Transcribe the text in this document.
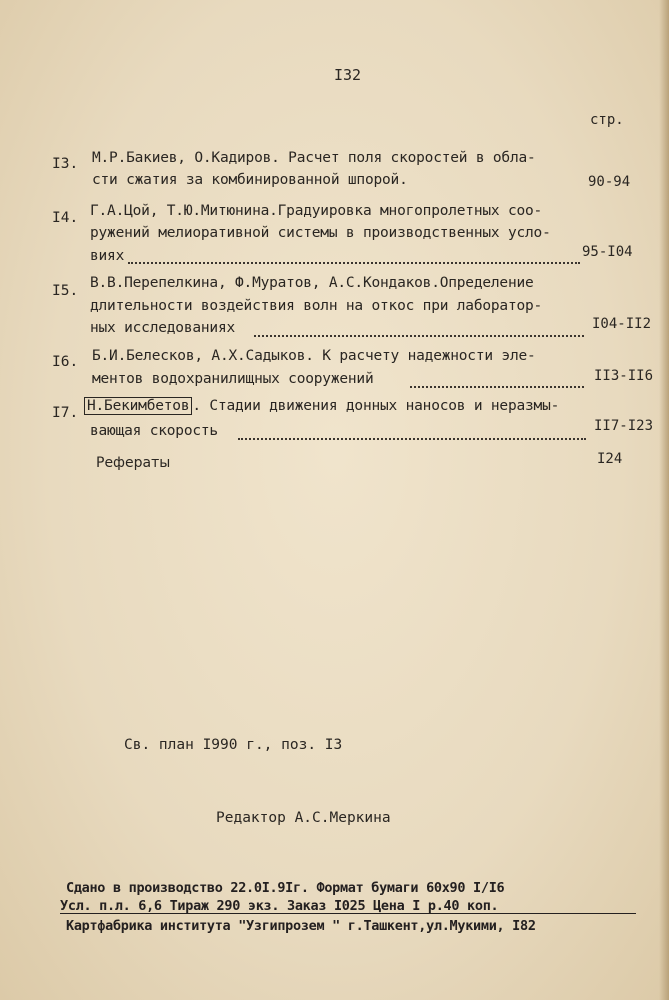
I32
стр.
I3. М.Р.Бакиев, О.Кадиров. Расчет поля скоростей в обла-
сти сжатия за комбинированной шпорой.	90-94
I4. Г.А.Цой, Т.Ю.Митюнина.Градуировка многопролетных соо-
ружений мелиоративной системы в производственных усло-
виях	95-I04
I5. В.В.Перепелкина, Ф.Муратов, А.С.Кондаков.Определение
длительности воздействия волн на откос при лаборатор-
ных исследованиях	I04-II2
I6. Б.И.Белесков, А.Х.Садыков. К расчету надежности эле-
ментов водохранилищных сооружений	II3-II6
I7. Н.Бекимбетов . Стадии движения донных наносов и неразмы-
вающая скорость	II7-I23
Рефераты	I24
Св. план I990 г., поз. I3
Редактор А.С.Меркина
Сдано в производство 22.0I.9Iг. Формат бумаги 60х90 I/I6
Усл. п.л. 6,6 Тираж 290 экз. Заказ I025 Цена I р.40 коп.
Картфабрика института "Узгипрозем " г.Ташкент,ул.Мукими, I82
